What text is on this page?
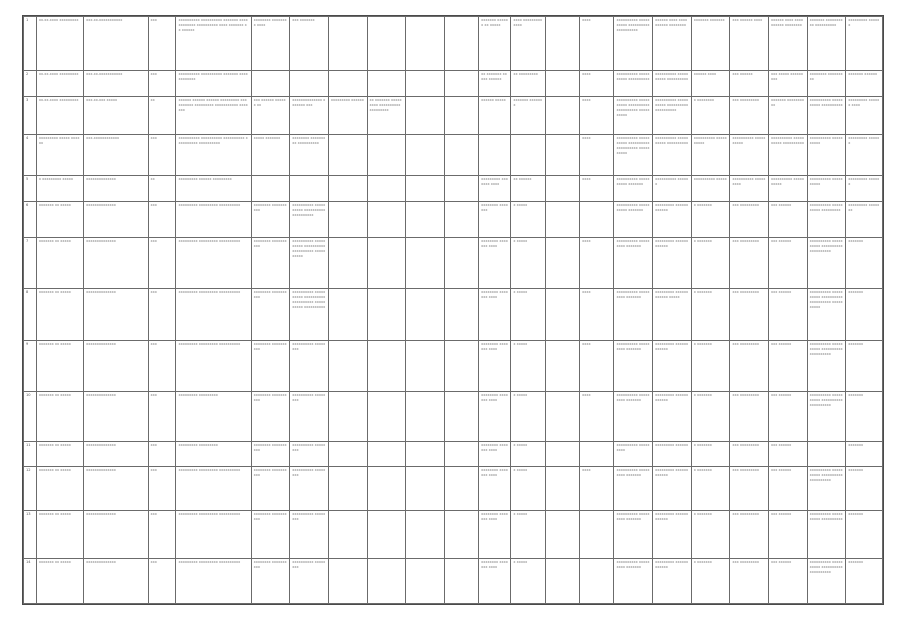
1	xx.xx.xxxx xxxxxxxxx	xxx.xx.xxxxxxxxxxx	xxx	xxxxxxxxxx xxxxxxxxxx xxxxxxx xxxx xxxxxxxx xxxxxxxxxx xxxx xxxxxxx xx xxxxxx	xxxxxxxx xxxxxxxx xxxx	xxx xxxxxxx					xxxxxxx xxxxxx xx xxxxx	xxxx xxxxxxxxx xxxx		xxxx	xxxxxxxxxx xxxxxxxxxx xxxxxxxxxx xxxxxxxxxx	xxxxxx xxxx xxxxxxxxxx xxxxxxxx	xxxxxxx xxxxxxx	xxx xxxxxx xxxx	xxxxxx xxxx xxxxxxxxxx xxxxxxxx	xxxxxxx xxxxxxxxxx xxxxxxxxxx	xxxxxxxxx xxxxxx
2	xx.xx.xxxx xxxxxxxxx	xxx.xx.xxxxxxxxxxx	xxx	xxxxxxxxxx xxxxxxxxxx xxxxxxx xxxx xxxxxxxx							xx xxxxxxx xxxxx xxxxxx	xx xxxxxxxxx		xxxx	xxxxxxxxxx xxxxxxxxxx xxxxxxxxxx	xxxxxxxxxx xxxxxxxxxx xxxxxxxxxx	xxxxxx xxxx	xxx xxxxxx	xxx xxxxx xxxxxxxxx	xxxxxxxx xxxxxxxxx	xxxxxxx xxxxxx
3	xx.xx.xxxx xxxxxxxxx	xxx.xx.xxx xxxxx	xx	xxxxxx xxxxxx xxxxxx xxxxxxxxx xxxxxxxxxx xxxxxxxxx xxxxxxxxxxx xxxxxxx	xxx xxxxxx xxxxxx xx	xxxxxxxxxxxxxx xxxxxxx xxx	xxxxxxxxx xxxxxx	xx xxxxxxx xxxxxxxxx xxxxxxxxxx xxxxxxxxx			xxxxxx xxxxx	xxxxxxx xxxxxxx		xxxx	xxxxxxxxxx xxxxxxxxxx xxxxxxxxxx xxxxxxxxxx xxxxxxxxxx	xxxxxxxxxx xxxxxxxxxx xxxxxxxxxx xxxxxxxxxx	x xxxxxxxx	xxx xxxxxxxxx	xxxxxxx xxxxxxxxxx	xxxxxxxxxx xxxxxxxxxx xxxxxxxxxx	xxxxxxxxx xxxxxx xxxx
4	xxxxxxxxx xxxxx xxxxxx	xxx.xxxxxxxxxxxx	xxx	xxxxxxxxxx xxxxxxxxxx xxxxxxxxxx xxxxxxxxxx xxxxxxxxxx	xxxxx xxxxxxx	xxxxxxxx xxxxxxxxx xxxxxxxxxx								xxxx	xxxxxxxxxx xxxxxxxxxx xxxxxxxxxx xxxxxxxxxx xxxxxxxxxx	xxxxxxxxxx xxxxxxxxxx xxxxxxxxxx	xxxxxxxxxx xxxxxxxxxx	xxxxxxxxxx xxxxxxxxxx	xxxxxxxxxx xxxxxxxxxx xxxxxxxxxx	xxxxxxxxxx xxxxxxxxxx	xxxxxxxxx xxxxxx
5	x xxxxxxxxx xxxxx	xxxxxxxxxxxxxx	xx	xxxxxxxxx xxxxxx xxxxxxxxx							xxxxxxxxx xxxxxxx xxxx	xx xxxxxx		xxxx	xxxxxxxxxx xxxxxxxxxx xxxxxxx	xxxxxxxxxx xxxxxx	xxxxxxxxxx xxxxx	xxxxxxxxxx xxxxxxxxx	xxxxxxxxxx xxxxxxxxxx	xxxxxxxxxx xxxxxxxxxx	xxxxxxxxx xxxxxx
6	xxxxxxx xx xxxxx	xxxxxxxxxxxxxx	xxx	xxxxxxxxx xxxxxxxxx xxxxxxxxxx	xxxxxxxx xxxxxxxxxx	xxxxxxxxxx xxxxxxxxxx xxxxxxxxxx xxxxxxxxxx					xxxxxxxx xxxxxxx	x xxxxx			xxxxxxxxxx xxxxxxxxxx xxxxxxx	xxxxxxxxx xxxxxx xxxxxx	x xxxxxxx	xxx xxxxxxxxx	xxx xxxxxx	xxxxxxxxxx xxxxxxxxxx xxxxxxxxx	xxxxxxxxx xxxxxxx
7	xxxxxxx xx xxxxx	xxxxxxxxxxxxxx	xxx	xxxxxxxxx xxxxxxxxx xxxxxxxxxx	xxxxxxxx xxxxxxxxxx	xxxxxxxxxx xxxxxxxxxx xxxxxxxxxx xxxxxxxxxx xxxxxxxxxx					xxxxxxxx xxxxxxx xxxx	x xxxxx		xxxx	xxxxxxxxxx xxxxxxxxx xxxxxxx	xxxxxxxxx xxxxxx xxxxxx	x xxxxxxx	xxx xxxxxxxxx	xxx xxxxxx	xxxxxxxxxx xxxxxxxxxx xxxxxxxxxx xxxxxxxxxx	xxxxxxx
8	xxxxxxx xx xxxxx	xxxxxxxxxxxxxx	xxx	xxxxxxxxx xxxxxxxxx xxxxxxxxxx	xxxxxxxx xxxxxxxxxx	xxxxxxxxxx xxxxxxxxxx xxxxxxxxxx xxxxxxxxxx xxxxxxxxxx xxxxxxxxxx					xxxxxxxx xxxxxxx xxxx	x xxxxx		xxxx	xxxxxxxxxx xxxxxxxxx xxxxxxx	xxxxxxxxx xxxxxx xxxxxx xxxxx	x xxxxxxx	xxx xxxxxxxxx	xxx xxxxxx	xxxxxxxxxx xxxxxxxxxx xxxxxxxxxx xxxxxxxxxx xxxxxxxxxx	xxxxxxx
9	xxxxxxx xx xxxxx	xxxxxxxxxxxxxx	xxx	xxxxxxxxx xxxxxxxxx xxxxxxxxxx	xxxxxxxx xxxxxxxxxx	xxxxxxxxxx xxxxxxxx					xxxxxxxx xxxxxxx xxxx	x xxxxx		xxxx	xxxxxxxxxx xxxxxxxxx xxxxxxx	xxxxxxxxx xxxxxx xxxxxx	x xxxxxxx	xxx xxxxxxxxx	xxx xxxxxx	xxxxxxxxxx xxxxxxxxxx xxxxxxxxxx xxxxxxxxxx	xxxxxxx
10	xxxxxxx xx xxxxx	xxxxxxxxxxxxxx	xxx	xxxxxxxxx xxxxxxxxx	xxxxxxxx xxxxxxxxxx	xxxxxxxxxx xxxxxxxx					xxxxxxxx xxxxxxx xxxx	x xxxxx		xxxx	xxxxxxxxxx xxxxxxxxx xxxxxxx	xxxxxxxxx xxxxxx xxxxxx	x xxxxxxx	xxx xxxxxxxxx	xxx xxxxxx	xxxxxxxxxx xxxxxxxxxx xxxxxxxxxx xxxxxxxxxx	xxxxxxx
11	xxxxxxx xx xxxxx	xxxxxxxxxxxxxx	xxx	xxxxxxxxx xxxxxxxxx	xxxxxxxx xxxxxxxxxx	xxxxxxxxxx xxxxxxxx					xxxxxxxx xxxxxxx xxxx	x xxxxx			xxxxxxxxxx xxxxxxxxx	xxxxxxxxx xxxxxx	x xxxxxxx	xxx xxxxxxxxx	xxx xxxxxx		xxxxxxx
12	xxxxxxx xx xxxxx	xxxxxxxxxxxxxx	xxx	xxxxxxxxx xxxxxxxxx xxxxxxxxxx	xxxxxxxx xxxxxxxxxx	xxxxxxxxxx xxxxxxxx					xxxxxxxx xxxxxxx xxxx	x xxxxx		xxxx	xxxxxxxxxx xxxxxxxxx xxxxxxx	xxxxxxxxx xxxxxx xxxxxx	x xxxxxxx	xxx xxxxxxxxx	xxx xxxxxx	xxxxxxxxxx xxxxxxxxxx xxxxxxxxxx xxxxxxxxxx	xxxxxxx
13	xxxxxxx xx xxxxx	xxxxxxxxxxxxxx	xxx	xxxxxxxxx xxxxxxxxx xxxxxxxxxx	xxxxxxxx xxxxxxxxxx	xxxxxxxxxx xxxxxxxx					xxxxxxxx xxxxxxx xxxx	x xxxxx			xxxxxxxxxx xxxxxxxxx xxxxxxx	xxxxxxxxx xxxxxx xxxxxx	x xxxxxxx	xxx xxxxxxxxx	xxx xxxxxx	xxxxxxxxxx xxxxxxxxxx xxxxxxxxxx	xxxxxxx
14	xxxxxxx xx xxxxx	xxxxxxxxxxxxxx	xxx	xxxxxxxxx xxxxxxxxx xxxxxxxxxx	xxxxxxxx xxxxxxxxxx	xxxxxxxxxx xxxxxxxx					xxxxxxxx xxxxxxx xxxx	x xxxxx			xxxxxxxxxx xxxxxxxxx xxxxxxx	xxxxxxxxx xxxxxx xxxxxx	x xxxxxxx	xxx xxxxxxxxx	xxx xxxxxx	xxxxxxxxxx xxxxxxxxxx xxxxxxxxxx xxxxxxxxxx	xxxxxxx
